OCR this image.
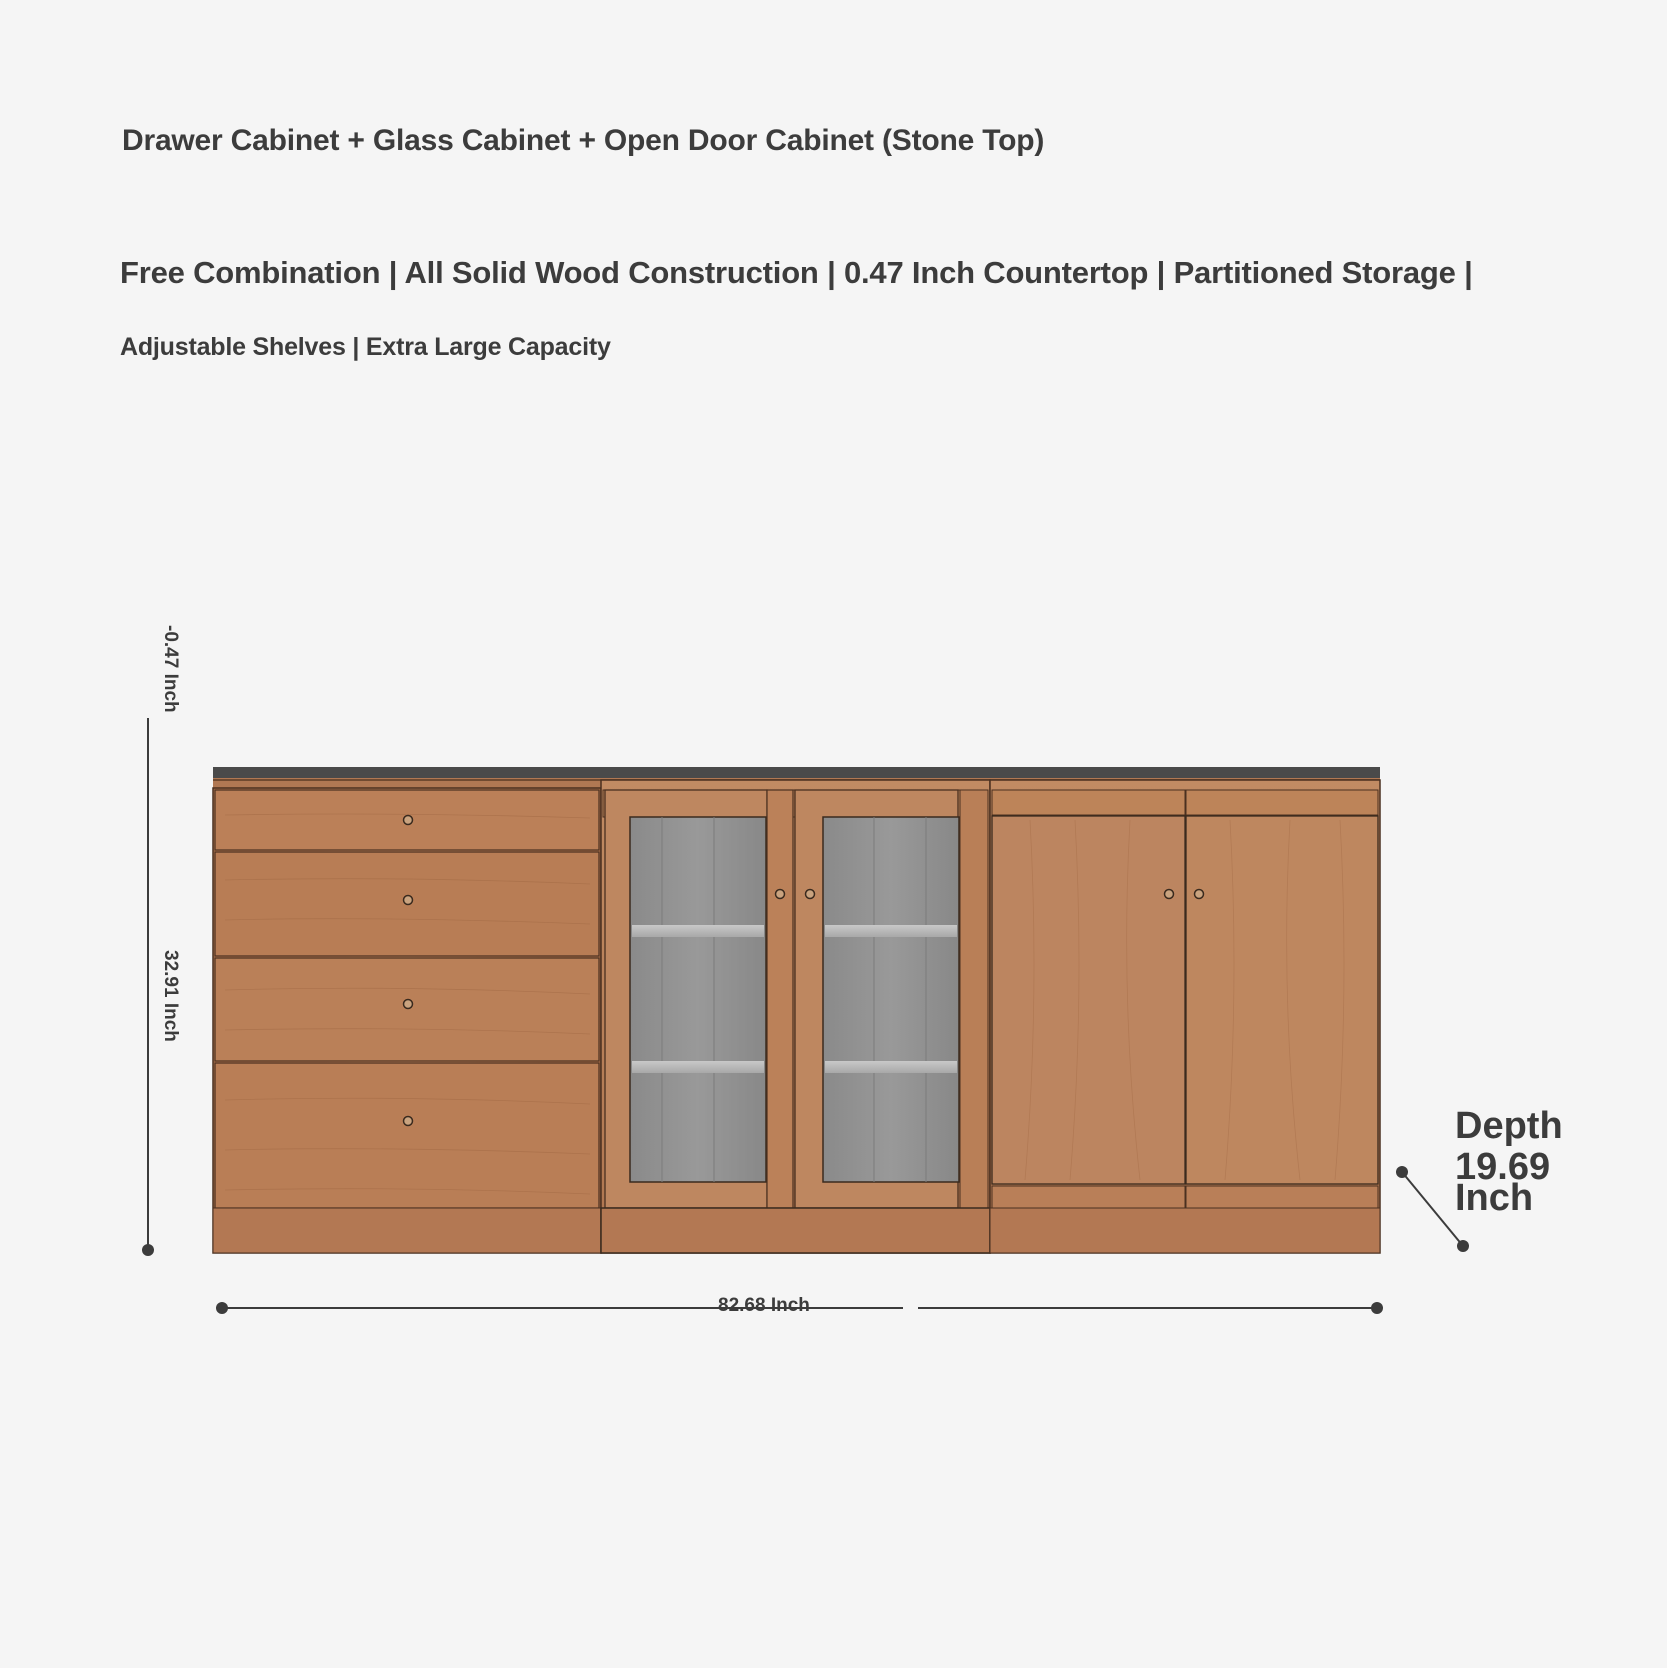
Drawer Cabinet + Glass Cabinet + Open Door Cabinet (Stone Top)
Free Combination | All Solid Wood Construction | 0.47 Inch Countertop | Partitioned Storage |
Adjustable Shelves | Extra Large Capacity
-0.47 Inch
32.91 Inch
82.68 Inch
Depth
19.69
Inch
